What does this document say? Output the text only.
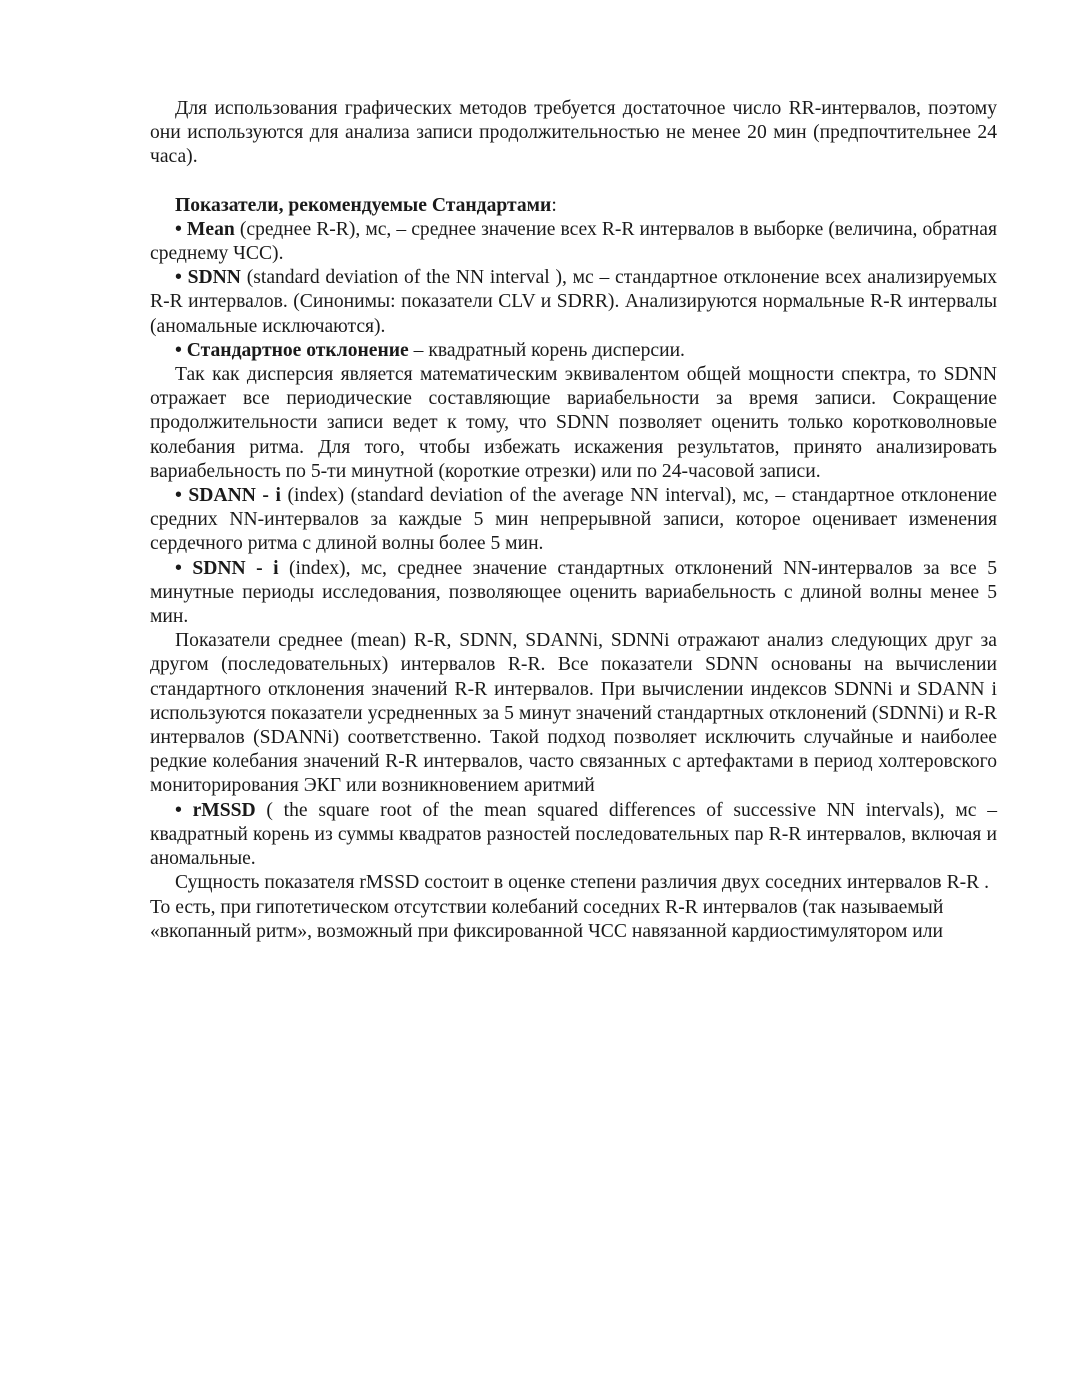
Для использования графических методов требуется достаточное число RR-интервалов, поэтому они используются для анализа записи продолжительностью не менее 20 мин (предпочтительнее 24 часа).

Показатели, рекомендуемые Стандартами:

• Mean (среднее R-R), мс, – среднее значение всех R-R интервалов в выборке (величина, обратная среднему ЧСС).

• SDNN (standard deviation of the NN interval ), мс – стандартное отклонение всех анализируемых R-R интервалов. (Синонимы: показатели CLV и SDRR). Анализируются нормальные R-R интервалы (аномальные исключаются).

• Стандартное отклонение – квадратный корень дисперсии.

Так как дисперсия является математическим эквивалентом общей мощности спектра, то SDNN отражает все периодические составляющие вариабельности за время записи. Сокращение продолжительности записи ведет к тому, что SDNN позволяет оценить только коротковолновые колебания ритма. Для того, чтобы избежать искажения результатов, принято анализировать вариабельность по 5-ти минутной (короткие отрезки) или по 24-часовой записи.

• SDANN - i (index) (standard deviation of the average NN interval), мс, – стандартное отклонение средних NN-интервалов за каждые 5 мин непрерывной записи, которое оценивает изменения сердечного ритма с длиной волны более 5 мин.

• SDNN - i (index), мс, среднее значение стандартных отклонений NN-интервалов за все 5 минутные периоды исследования, позволяющее оценить вариабельность с длиной волны менее 5 мин.

Показатели среднее (mean) R-R, SDNN, SDANNi, SDNNi отражают анализ следующих друг за другом (последовательных) интервалов R-R. Все показатели SDNN основаны на вычислении стандартного отклонения значений R-R интервалов. При вычислении индексов SDNNi и SDANN i используются показатели усредненных за 5 минут значений стандартных отклонений (SDNNi) и R-R интервалов (SDANNi) соответственно. Такой подход позволяет исключить случайные и наиболее редкие колебания значений R-R интервалов, часто связанных с артефактами в период холтеровского мониторирования ЭКГ или возникновением аритмий

• rMSSD ( the square root of the mean squared differences of successive NN intervals), мс – квадратный корень из суммы квадратов разностей последовательных пар R-R интервалов, включая и аномальные.

Сущность показателя rMSSD состоит в оценке степени различия двух соседних интервалов R-R . То есть, при гипотетическом отсутствии колебаний соседних R-R интервалов (так называемый «вкопанный ритм», возможный при фиксированной ЧСС навязанной кардиостимулятором или
